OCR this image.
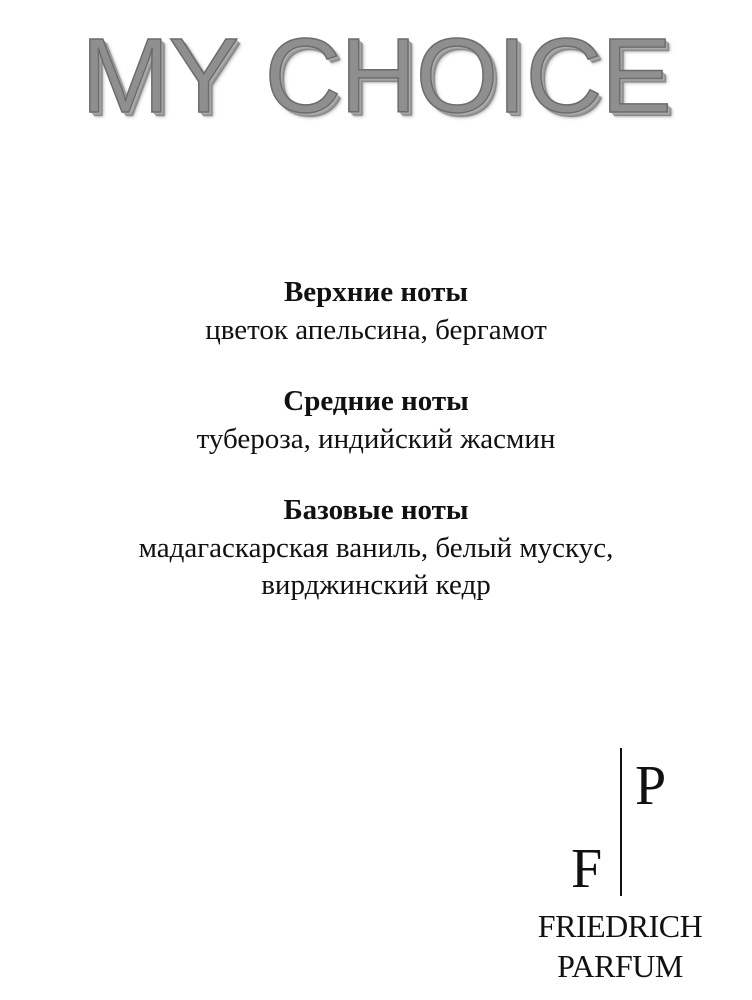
MY CHOICE
Верхние ноты
цветок апельсина, бергамот
Средние ноты
тубероза, индийский жасмин
Базовые ноты
мадагаскарская ваниль, белый мускус,
вирджинский кедр
F
P
FRIEDRICH
PARFUM
